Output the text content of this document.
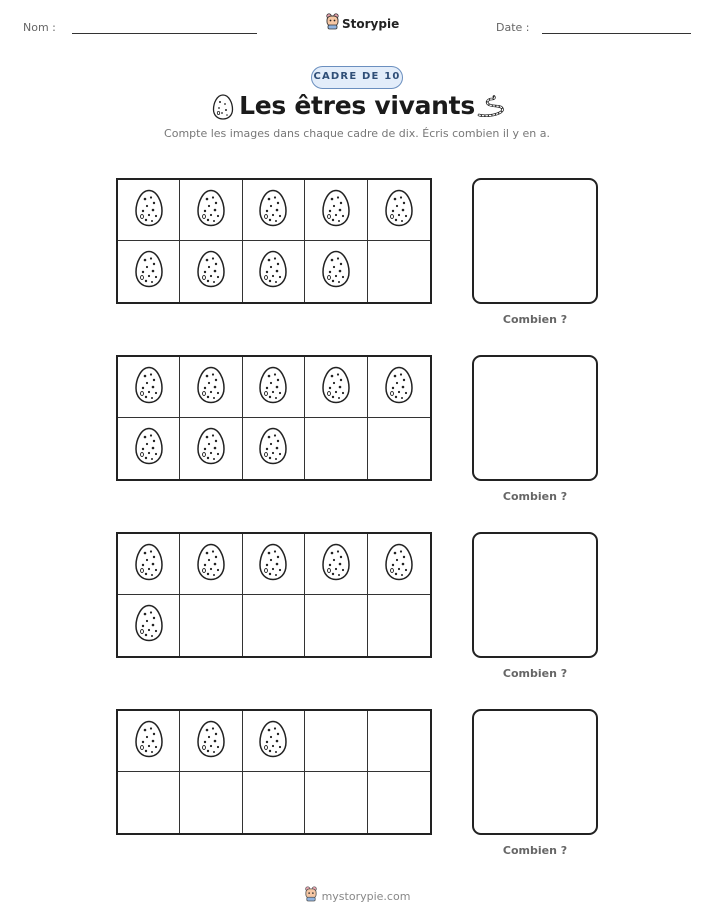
Nom :	Storypie	Date :
CADRE DE 10
Les êtres vivants
Compte les images dans chaque cadre de dix. Écris combien il y en a.
Combien ?
Combien ?
Combien ?
Combien ?
mystorypie.com
